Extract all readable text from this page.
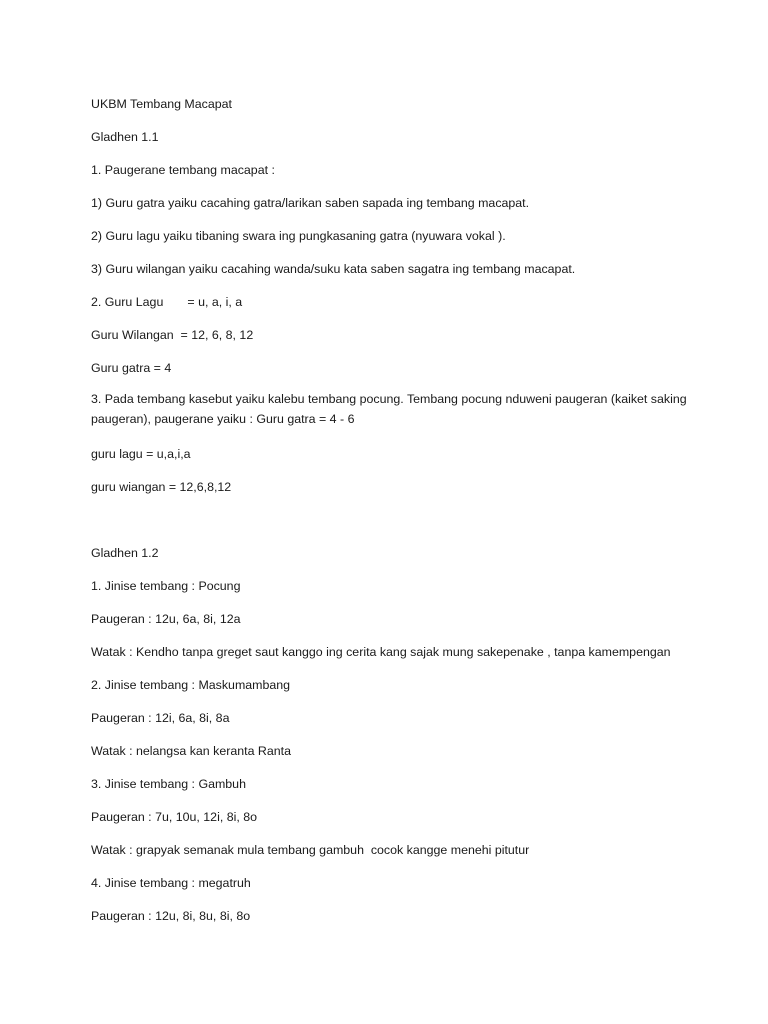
UKBM Tembang Macapat
Gladhen 1.1
1. Paugerane tembang macapat :
1) Guru gatra yaiku cacahing gatra/larikan saben sapada ing tembang macapat.
2) Guru lagu yaiku tibaning swara ing pungkasaning gatra (nyuwara vokal ).
3) Guru wilangan yaiku cacahing wanda/suku kata saben sagatra ing tembang macapat.
2. Guru Lagu       = u, a, i, a
Guru Wilangan  = 12, 6, 8, 12
Guru gatra = 4
3. Pada tembang kasebut yaiku kalebu tembang pocung. Tembang pocung nduweni paugeran (kaiket saking paugeran), paugerane yaiku : Guru gatra = 4 - 6
guru lagu = u,a,i,a
guru wiangan = 12,6,8,12
Gladhen 1.2
1. Jinise tembang : Pocung
Paugeran : 12u, 6a, 8i, 12a
Watak : Kendho tanpa greget saut kanggo ing cerita kang sajak mung sakepenake , tanpa kamempengan
2. Jinise tembang : Maskumambang
Paugeran : 12i, 6a, 8i, 8a
Watak : nelangsa kan keranta Ranta
3. Jinise tembang : Gambuh
Paugeran : 7u, 10u, 12i, 8i, 8o
Watak : grapyak semanak mula tembang gambuh  cocok kangge menehi pitutur
4. Jinise tembang : megatruh
Paugeran : 12u, 8i, 8u, 8i, 8o
